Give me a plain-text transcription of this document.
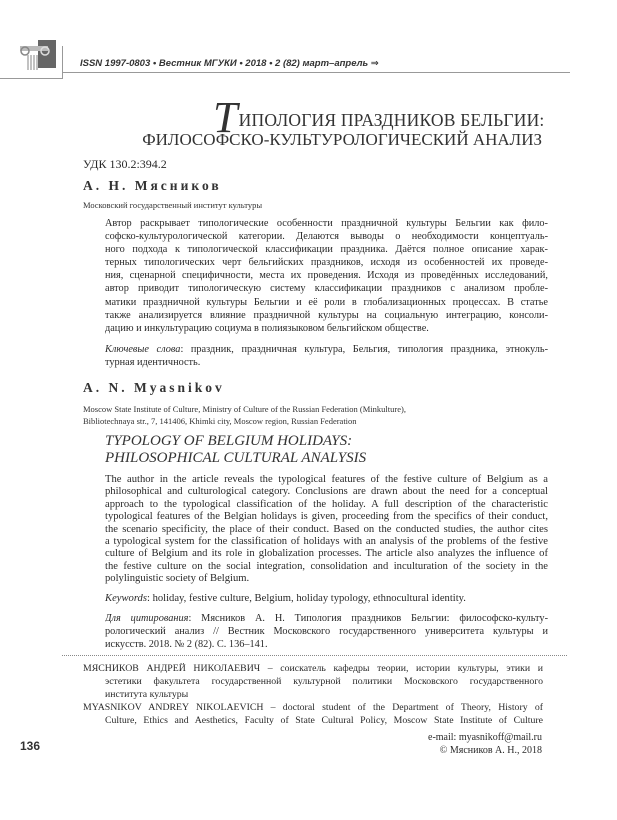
ISSN 1997-0803 • Вестник МГУКИ • 2018 • 2 (82) март–апрель ⇒
ТИПОЛОГИЯ ПРАЗДНИКОВ БЕЛЬГИИ:
ФИЛОСОФСКО-КУЛЬТУРОЛОГИЧЕСКИЙ АНАЛИЗ
УДК 130.2:394.2
А. Н. Мясников
Московский государственный институт культуры
Автор раскрывает типологические особенности праздничной культуры Бельгии как фило-
софско-культурологической категории. Делаются выводы о необходимости концептуаль-
ного подхода к типологической классификации праздника. Даётся полное описание харак-
терных типологических черт бельгийских праздников, исходя из особенностей их проведе-
ния, сценарной специфичности, места их проведения. Исходя из проведённых исследований,
автор приводит типологическую систему классификации праздников с анализом пробле-
матики праздничной культуры Бельгии и её роли в глобализационных процессах. В статье
также анализируется влияние праздничной культуры на социальную интеграцию, консоли-
дацию и инкультурацию социума в полиязыковом бельгийском обществе.
Ключевые слова: праздник, праздничная культура, Бельгия, типология праздника, этнокуль-
турная идентичность.
A. N. Myasnikov
Moscow State Institute of Culture, Ministry of Culture of the Russian Federation (Minkulture),
Bibliotechnaya str., 7, 141406, Khimki city, Moscow region, Russian Federation
TYPOLOGY OF BELGIUM HOLIDAYS:
PHILOSOPHICAL CULTURAL ANALYSIS
The author in the article reveals the typological features of the festive culture of Belgium as a
philosophical and culturological category. Conclusions are drawn about the need for a conceptual
approach to the typological classification of the holiday. A full description of the characteristic
typological features of the Belgian holidays is given, proceeding from the specifics of their conduct,
the scenario specificity, the place of their conduct. Based on the conducted studies, the author cites
a typological system for the classification of holidays with an analysis of the problems of the festive
culture of Belgium and its role in globalization processes. The article also analyzes the influence of
the festive culture on the social integration, consolidation and inculturation of the society in the
polylinguistic society of Belgium.
Keywords: holiday, festive culture, Belgium, holiday typology, ethnocultural identity.
Для цитирования: Мясников А. Н. Типология праздников Бельгии: философско-культу-
рологический анализ // Вестник Московского государственного университета культуры и
искусств. 2018. № 2 (82). С. 136–141.
МЯСНИКОВ АНДРЕЙ НИКОЛАЕВИЧ – соискатель кафедры теории, истории культуры, этики и
эстетики факультета государственной культурной политики Московского государственного
института культуры
MYASNIKOV ANDREY NIKOLAEVICH – doctoral student of the Department of Theory, History of
Culture, Ethics and Aesthetics, Faculty of State Cultural Policy, Moscow State Institute of Culture
e-mail: myasnikoff@mail.ru
© Мясников А. Н., 2018
136
